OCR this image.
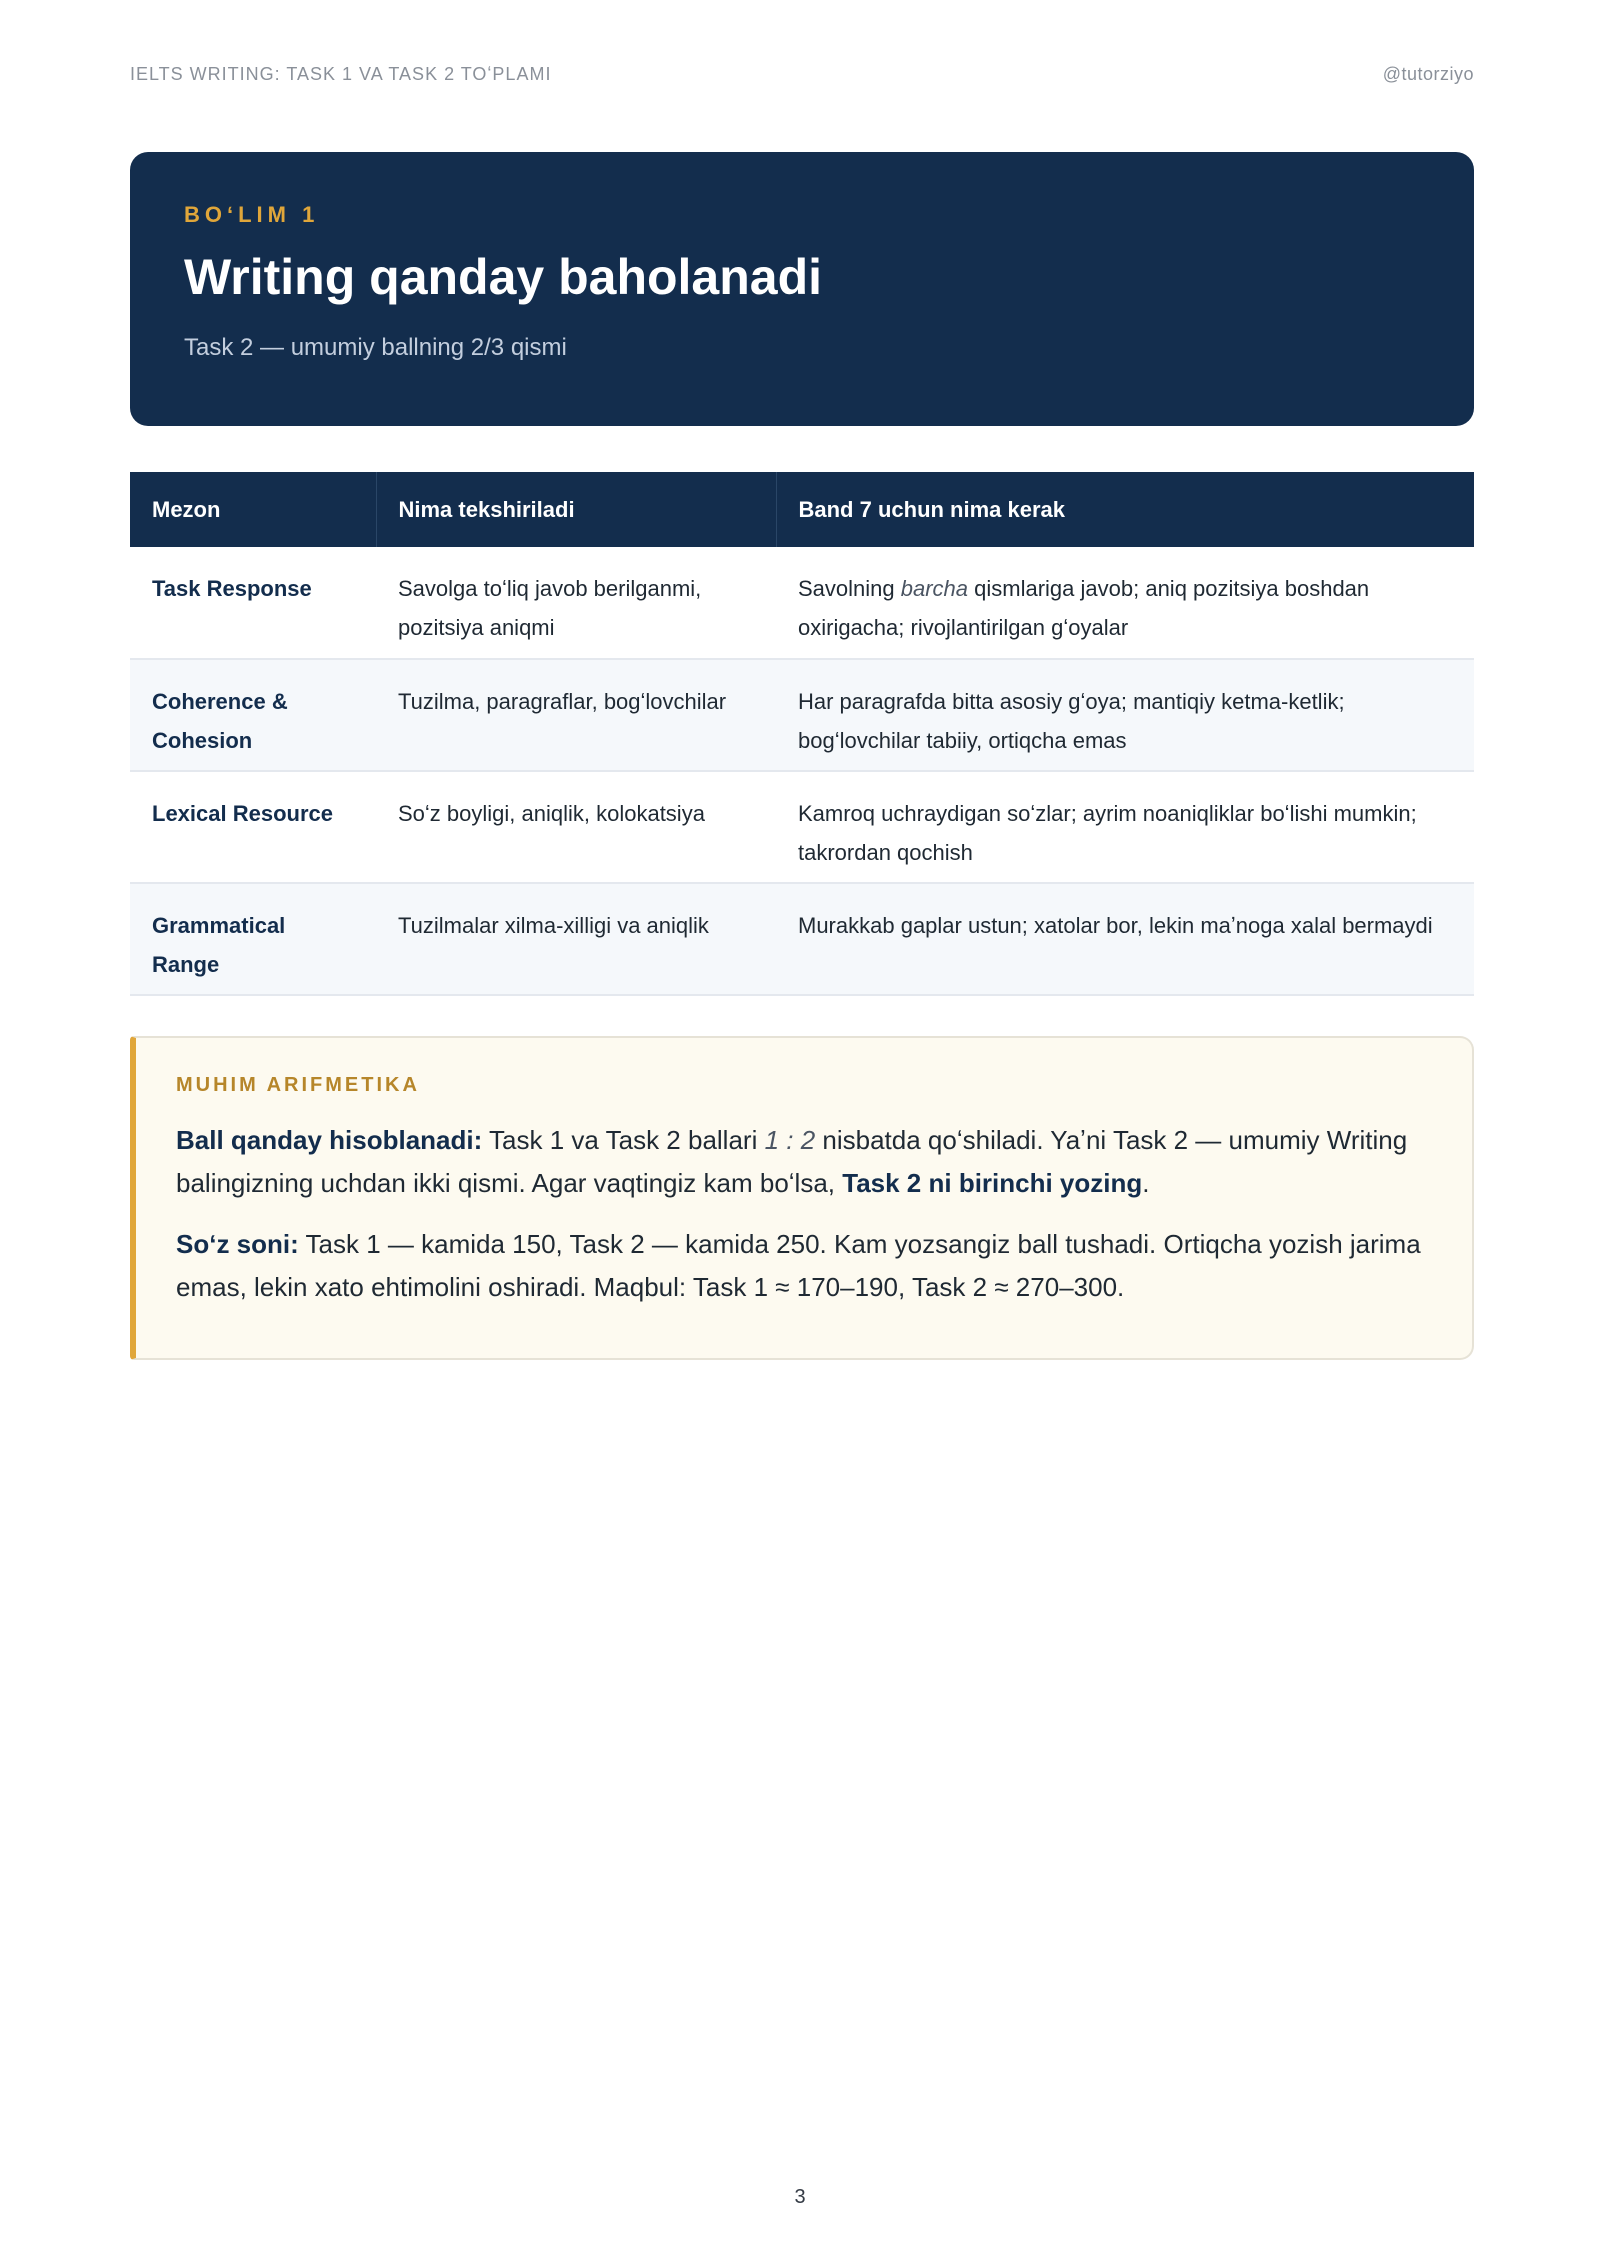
IELTS WRITING: TASK 1 VA TASK 2 TOʻPLAMI	@tutorziyo
BOʻLIM 1
Writing qanday baholanadi
Task 2 — umumiy ballning 2/3 qismi
Mezon	Nima tekshiriladi	Band 7 uchun nima kerak
Task Response	Savolga toʻliq javob berilganmi, pozitsiya aniqmi	Savolning barcha qismlariga javob; aniq pozitsiya boshdan oxirigacha; rivojlantirilgan gʻoyalar
Coherence & Cohesion	Tuzilma, paragraflar, bogʻlovchilar	Har paragrafda bitta asosiy gʻoya; mantiqiy ketma-ketlik; bogʻlovchilar tabiiy, ortiqcha emas
Lexical Resource	Soʻz boyligi, aniqlik, kolokatsiya	Kamroq uchraydigan soʻzlar; ayrim noaniqliklar boʻlishi mumkin; takrordan qochish
Grammatical Range	Tuzilmalar xilma-xilligi va aniqlik	Murakkab gaplar ustun; xatolar bor, lekin maʼnoga xalal bermaydi
MUHIM ARIFMETIKA

Ball qanday hisoblanadi: Task 1 va Task 2 ballari 1 : 2 nisbatda qoʻshiladi. Yaʼni Task 2 — umumiy Writing balingizning uchdan ikki qismi. Agar vaqtingiz kam boʻlsa, Task 2 ni birinchi yozing.

Soʻz soni: Task 1 — kamida 150, Task 2 — kamida 250. Kam yozsangiz ball tushadi. Ortiqcha yozish jarima emas, lekin xato ehtimolini oshiradi. Maqbul: Task 1 ≈ 170–190, Task 2 ≈ 270–300.

3
